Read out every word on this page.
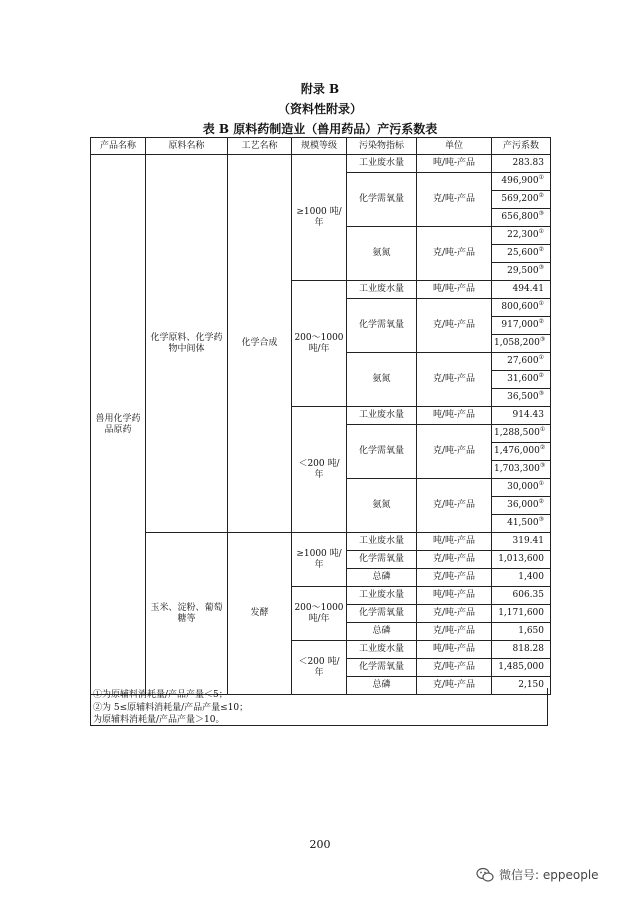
附录 B
（资料性附录）
表 B 原料药制造业（兽用药品）产污系数表
产品名称	原料名称	工艺名称	规模等级	污染物指标	单位	产污系数
兽用化学药品原药	化学原料、化学药物中间体	化学合成	≥1000 吨/年	工业废水量	吨/吨-产品	283.83
				化学需氧量	克/吨-产品	496,900①
						569,200②
						656,800③
				氨氮	克/吨-产品	22,300①
						25,600②
						29,500③
			200～1000 吨/年	工业废水量	吨/吨-产品	494.41
				化学需氧量	克/吨-产品	800,600①
						917,000②
						1,058,200③
				氨氮	克/吨-产品	27,600①
						31,600②
						36,500③
			＜200 吨/年	工业废水量	吨/吨-产品	914.43
				化学需氧量	克/吨-产品	1,288,500①
						1,476,000②
						1,703,300③
				氨氮	克/吨-产品	30,000①
						36,000②
						41,500③
	玉米、淀粉、葡萄糖等	发酵	≥1000 吨/年	工业废水量	吨/吨-产品	319.41
				化学需氧量	克/吨-产品	1,013,600
				总磷	克/吨-产品	1,400
			200～1000 吨/年	工业废水量	吨/吨-产品	606.35
				化学需氧量	克/吨-产品	1,171,600
				总磷	克/吨-产品	1,650
			＜200 吨/年	工业废水量	吨/吨-产品	818.28
				化学需氧量	克/吨-产品	1,485,000
				总磷	克/吨-产品	2,150
①为原辅料消耗量/产品产量＜5；
②为 5≤原辅料消耗量/产品产量≤10；
为原辅料消耗量/产品产量＞10。
200
微信号: eppeople
